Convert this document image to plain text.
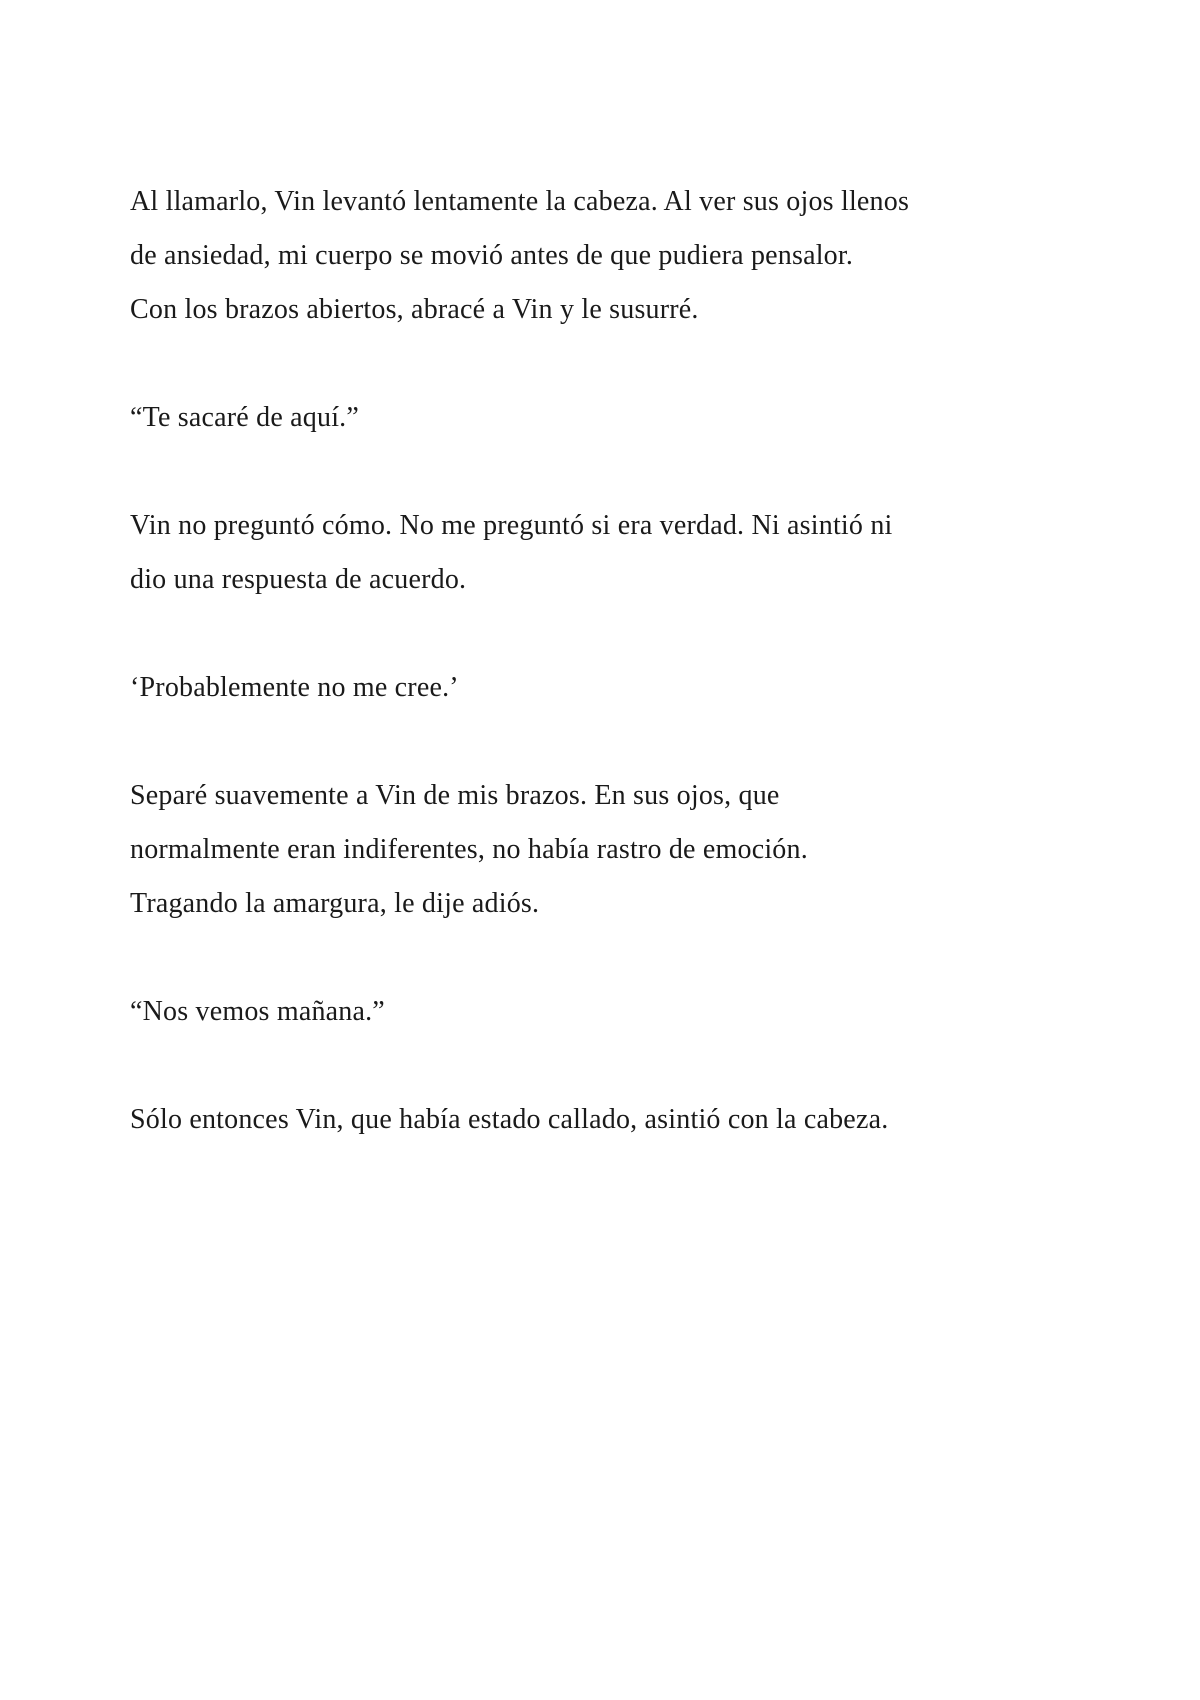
Al llamarlo, Vin levantó lentamente la cabeza. Al ver sus ojos llenos
de ansiedad, mi cuerpo se movió antes de que pudiera pensalor.
Con los brazos abiertos, abracé a Vin y le susurré.

“Te sacaré de aquí.”

Vin no preguntó cómo. No me preguntó si era verdad. Ni asintió ni
dio una respuesta de acuerdo.

‘Probablemente no me cree.’

Separé suavemente a Vin de mis brazos. En sus ojos, que
normalmente eran indiferentes, no había rastro de emoción.
Tragando la amargura, le dije adiós.

“Nos vemos mañana.”

Sólo entonces Vin, que había estado callado, asintió con la cabeza.
